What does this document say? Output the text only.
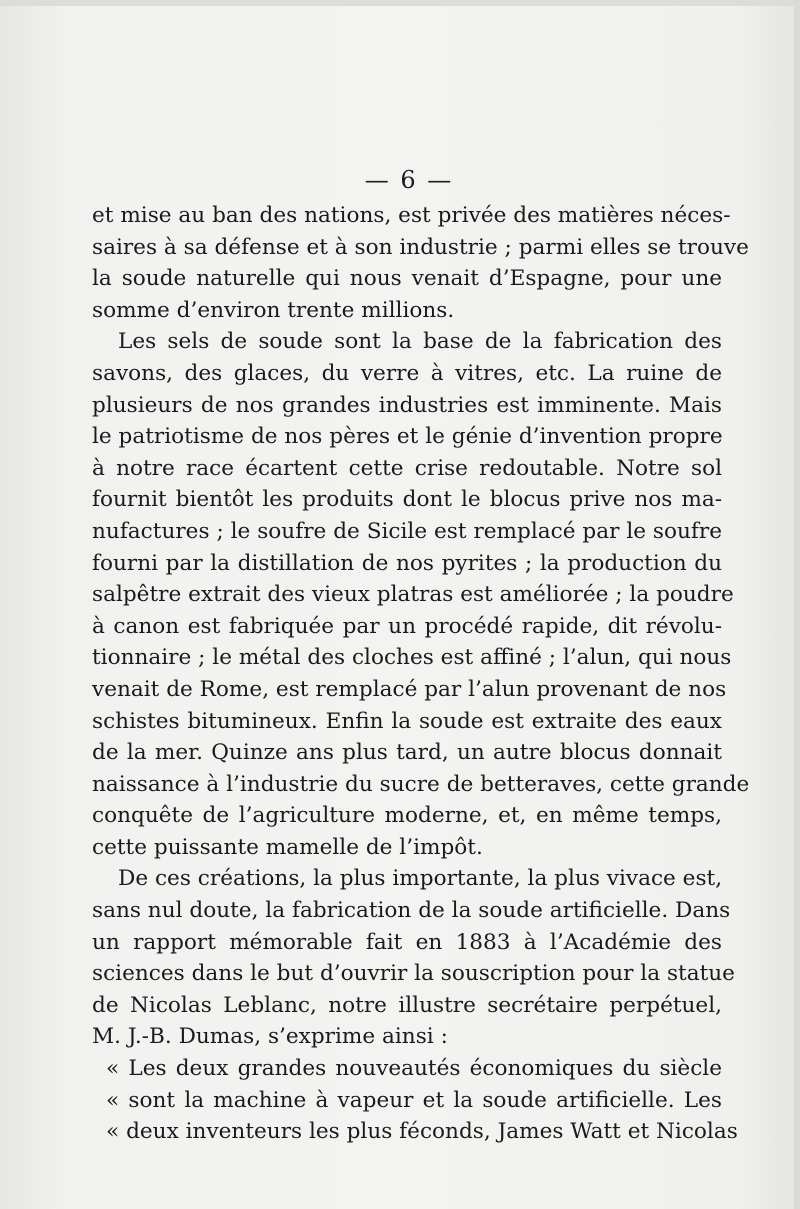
— 6 —
et mise au ban des nations, est privée des matières néces-
saires à sa défense et à son industrie ; parmi elles se trouve
la soude naturelle qui nous venait d’Espagne, pour une
somme d’environ trente millions.
Les sels de soude sont la base de la fabrication des
savons, des glaces, du verre à vitres, etc. La ruine de
plusieurs de nos grandes industries est imminente. Mais
le patriotisme de nos pères et le génie d’invention propre
à notre race écartent cette crise redoutable. Notre sol
fournit bientôt les produits dont le blocus prive nos ma-
nufactures ; le soufre de Sicile est remplacé par le soufre
fourni par la distillation de nos pyrites ; la production du
salpêtre extrait des vieux platras est améliorée ; la poudre
à canon est fabriquée par un procédé rapide, dit révolu-
tionnaire ; le métal des cloches est affiné ; l’alun, qui nous
venait de Rome, est remplacé par l’alun provenant de nos
schistes bitumineux. Enfin la soude est extraite des eaux
de la mer. Quinze ans plus tard, un autre blocus donnait
naissance à l’industrie du sucre de betteraves, cette grande
conquête de l’agriculture moderne, et, en même temps,
cette puissante mamelle de l’impôt.
De ces créations, la plus importante, la plus vivace est,
sans nul doute, la fabrication de la soude artificielle. Dans
un rapport mémorable fait en 1883 à l’Académie des
sciences dans le but d’ouvrir la souscription pour la statue
de Nicolas Leblanc, notre illustre secrétaire perpétuel,
M. J.-B. Dumas, s’exprime ainsi :
« Les deux grandes nouveautés économiques du siècle
« sont la machine à vapeur et la soude artificielle. Les
« deux inventeurs les plus féconds, James Watt et Nicolas
